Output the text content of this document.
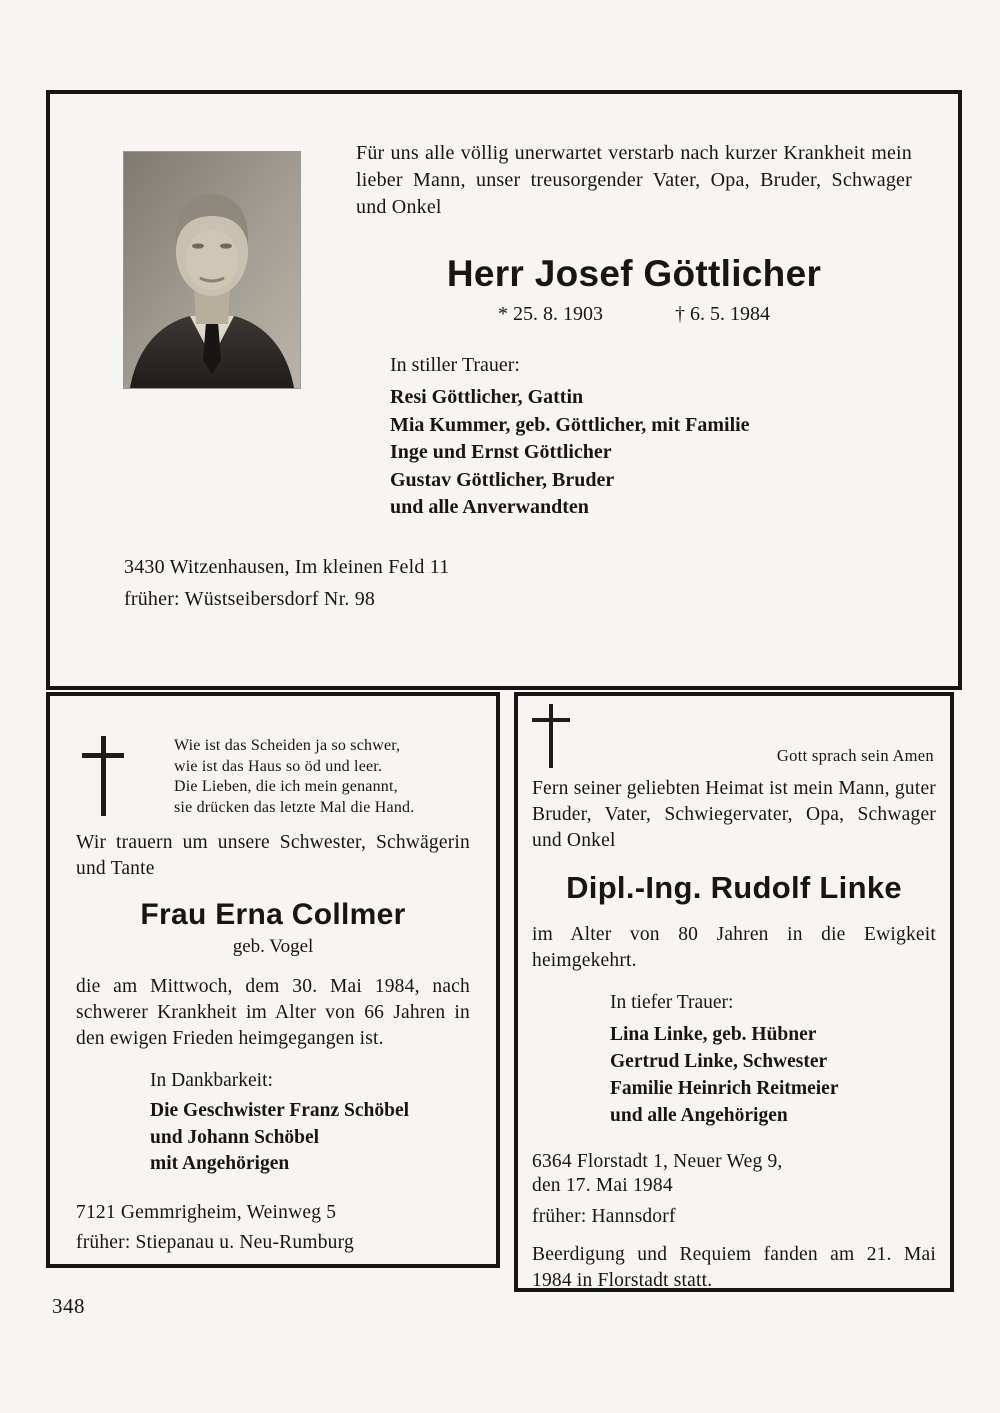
Für uns alle völlig unerwartet verstarb nach kurzer Krankheit mein lieber Mann, unser treusorgender Vater, Opa, Bruder, Schwager und Onkel

Herr Josef Göttlicher
* 25. 8. 1903	† 6. 5. 1984

In stiller Trauer:

Resi Göttlicher, Gattin
Mia Kummer, geb. Göttlicher, mit Familie
Inge und Ernst Göttlicher
Gustav Göttlicher, Bruder
und alle Anverwandten

3430 Witzenhausen, Im kleinen Feld 11

früher: Wüstseibersdorf Nr. 98

Wie ist das Scheiden ja so schwer,
wie ist das Haus so öd und leer.
Die Lieben, die ich mein genannt,
sie drücken das letzte Mal die Hand.

Wir trauern um unsere Schwester, Schwägerin und Tante

Frau Erna Collmer

geb. Vogel

die am Mittwoch, dem 30. Mai 1984, nach schwerer Krankheit im Alter von 66 Jahren in den ewigen Frieden heimgegangen ist.

In Dankbarkeit:

Die Geschwister Franz Schöbel
und Johann Schöbel
mit Angehörigen

7121 Gemmrigheim, Weinweg 5

früher: Stiepanau u. Neu-Rumburg

Gott sprach sein Amen

Fern seiner geliebten Heimat ist mein Mann, guter Bruder, Vater, Schwiegervater, Opa, Schwager und Onkel

Dipl.-Ing. Rudolf Linke

im Alter von 80 Jahren in die Ewigkeit heimgekehrt.

In tiefer Trauer:

Lina Linke, geb. Hübner
Gertrud Linke, Schwester
Familie Heinrich Reitmeier
und alle Angehörigen

6364 Florstadt 1, Neuer Weg 9,

den 17. Mai 1984

früher: Hannsdorf

Beerdigung und Requiem fanden am 21. Mai 1984 in Florstadt statt.

348
